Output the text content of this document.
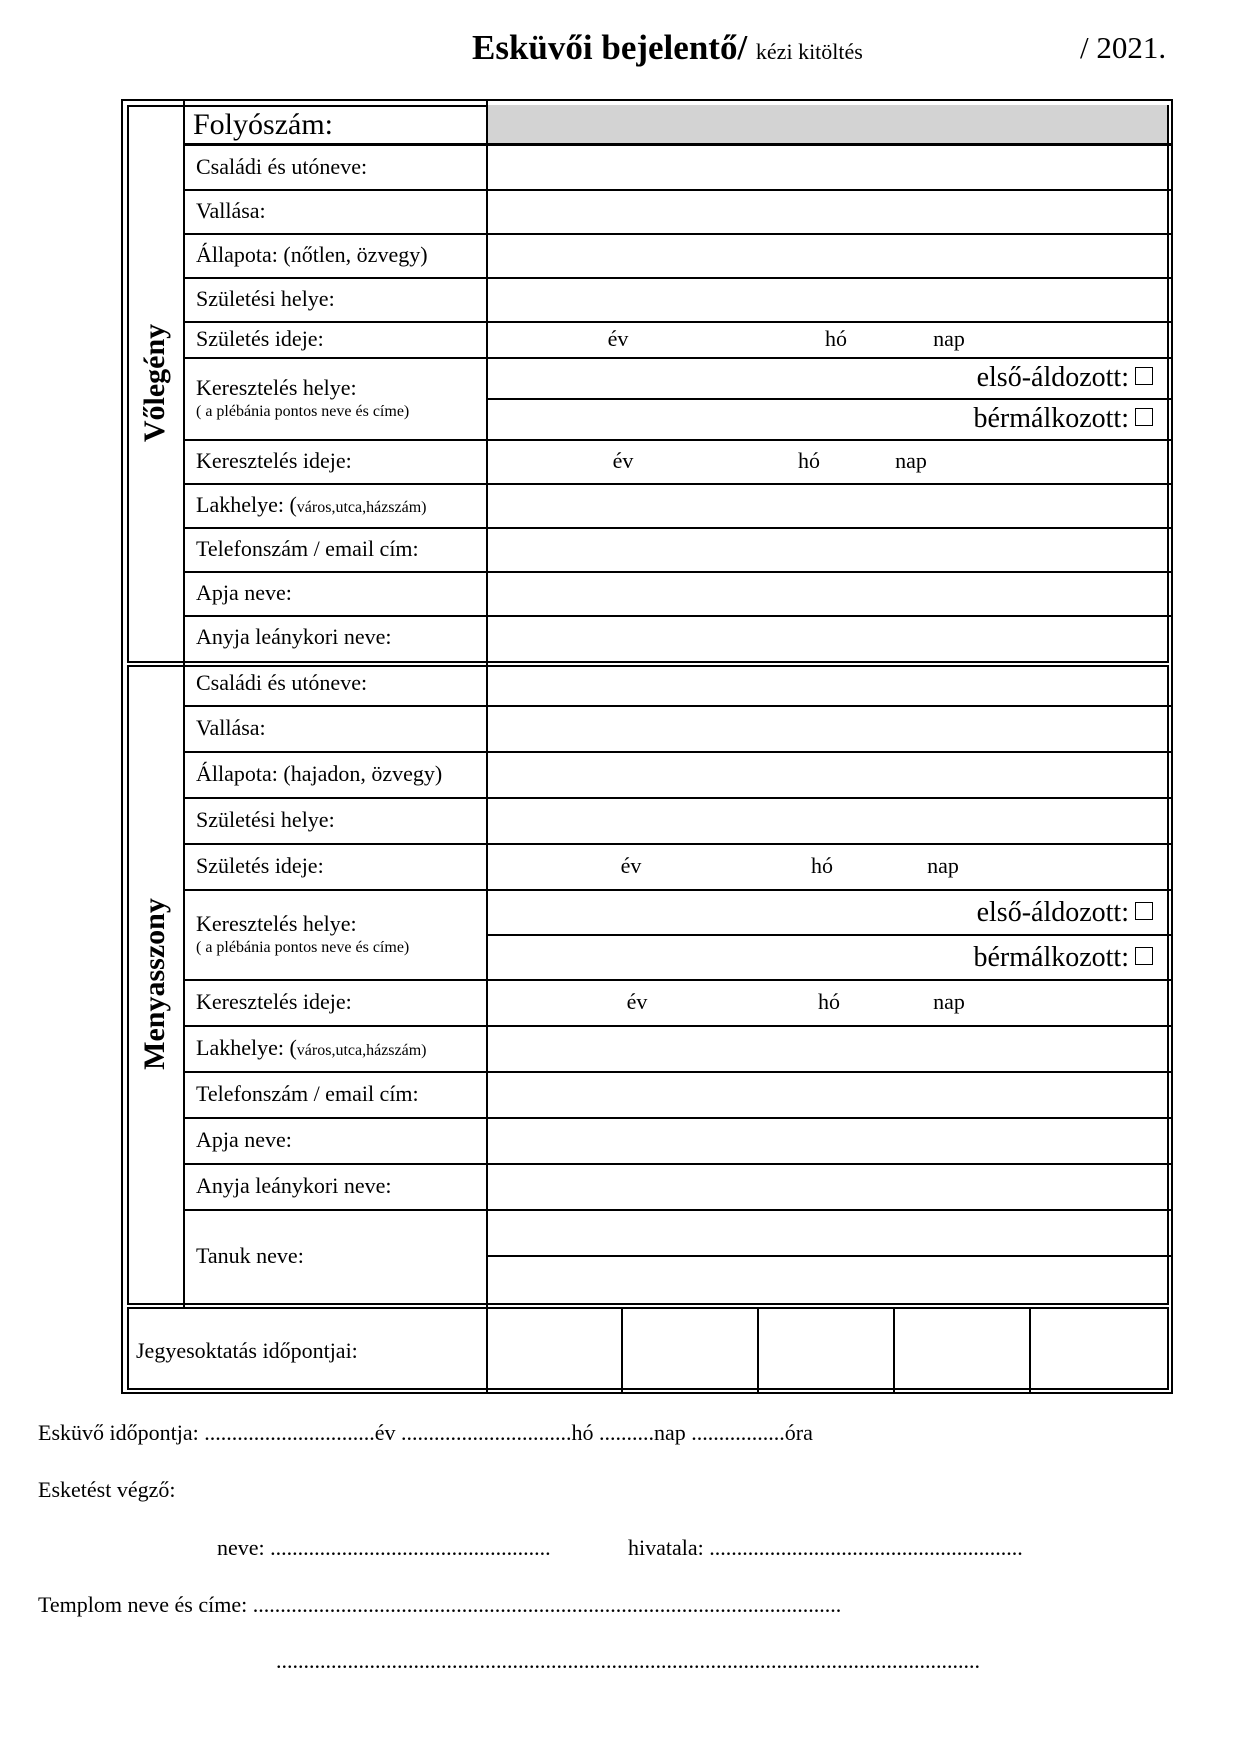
Esküvői bejelentő/ kézi kitöltés	/ 2021.
Folyószám:
Vőlegény
Családi és utóneve:
Vallása:
Állapota: (nőtlen, özvegy)
Születési helye:
Születés ideje:	év	hó	nap
Keresztelés helye:
( a plébánia pontos neve és címe)
első-áldozott:
bérmálkozott:
Keresztelés ideje:	év	hó	nap
Lakhelye: (város,utca,házszám)
Telefonszám / email cím:
Apja neve:
Anyja leánykori neve:
Menyasszony
Családi és utóneve:
Vallása:
Állapota: (hajadon, özvegy)
Születési helye:
Születés ideje:	év	hó	nap
Keresztelés helye:
( a plébánia pontos neve és címe)
első-áldozott:
bérmálkozott:
Keresztelés ideje:	év	hó	nap
Lakhelye: (város,utca,házszám)
Telefonszám / email cím:
Apja neve:
Anyja leánykori neve:
Tanuk neve:
Jegyesoktatás időpontjai:
Esküvő időpontja: ...............................év ...............................hó ..........nap .................óra
Esketést végző:
neve: ...................................................	hivatala: .........................................................
Templom neve és címe: ...........................................................................................................
................................................................................................................................
